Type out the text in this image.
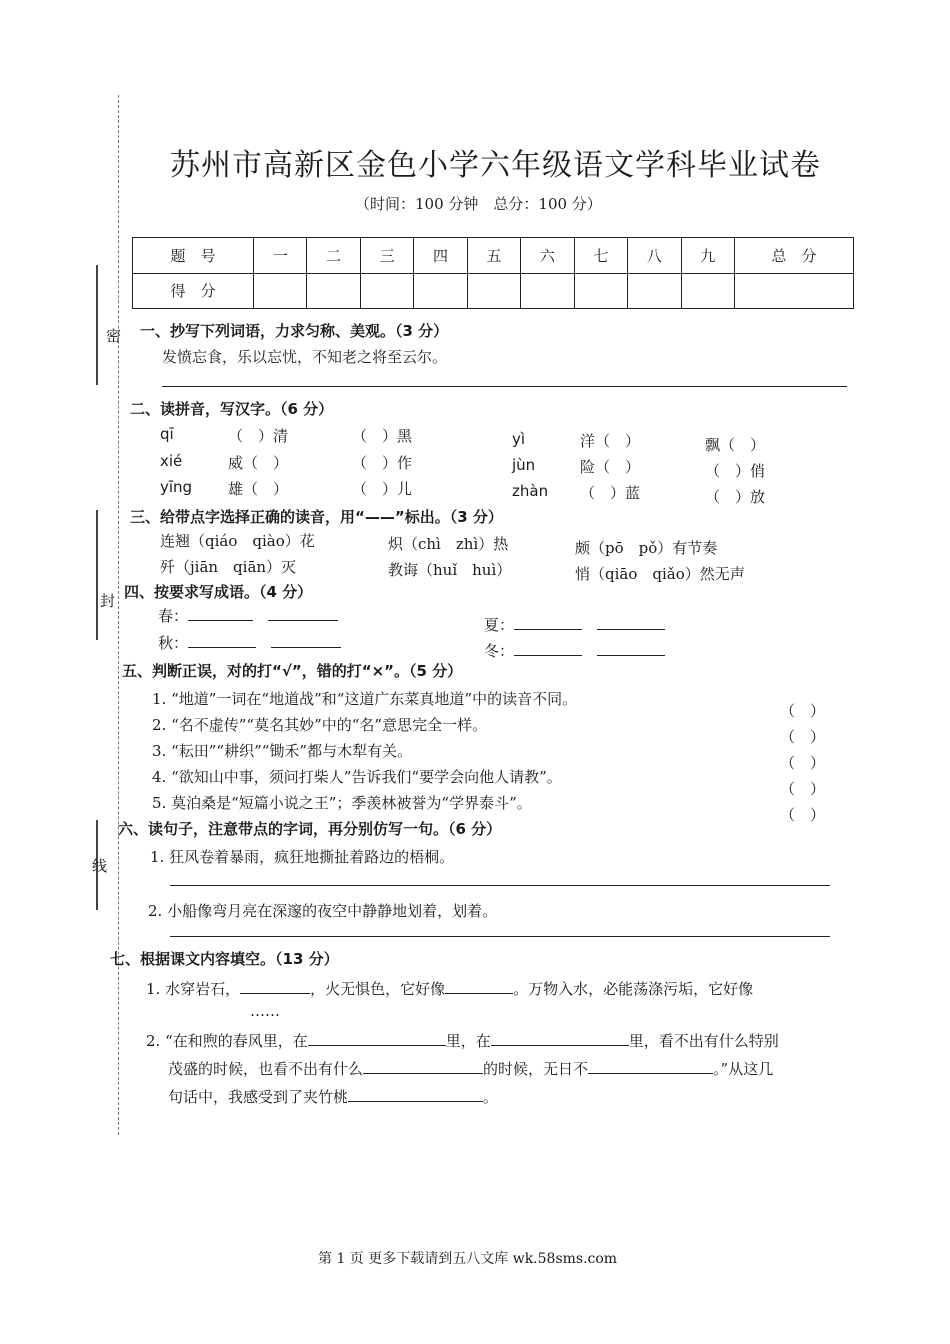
密
封
线
苏州市高新区金色小学六年级语文学科毕业试卷
（时间：100 分钟　总分：100 分）
题　号	一	二	三	四	五	六	七	八	九	总　分
得　分										
一、抄写下列词语，力求匀称、美观。（3 分）
发愤忘食，乐以忘忧，不知老之将至云尔。
二、读拼音，写汉字。（6 分）
qī	（　）清	（　）黑	yì	洋（　）	飘（　）
xié	威（　）	（　）作	jùn	险（　）	（　）俏
yīng 雄（　）	（　）儿	zhàn （　）蓝	（　）放
三、给带点字选择正确的读音，用“——”标出。（3 分）
连翘（qiáo　qiào）花	炽（chì　zhì）热	颇（pō　pǒ）有节奏
歼（jiān　qiān）灭	教诲（huǐ　huì）	悄（qiāo　qiǎo）然无声
四、按要求写成语。（4 分）
春：　	夏：　
秋：　	冬：　
五、判断正误，对的打“√”，错的打“×”。（5 分）
1. “地道”一词在“地道战”和“这道广东菜真地道”中的读音不同。
2. “名不虚传”“莫名其妙”中的“名”意思完全一样。
3. “耘田”“耕织”“锄禾”都与木犁有关。
4. “欲知山中事，须问打柴人”告诉我们“要学会向他人请教”。
5. 莫泊桑是“短篇小说之王”；季羡林被誉为“学界泰斗”。
（　）
（　）
（　）
（　）
（　）
六、读句子，注意带点的字词，再分别仿写一句。（6 分）
1. 狂风卷着暴雨，疯狂地撕扯着路边的梧桐。
2. 小船像弯月亮在深邃的夜空中静静地划着，划着。
七、根据课文内容填空。（13 分）
1. 水穿岩石，	，火无惧色，它好像	。万物入水，必能荡涤污垢，它好像
……
2. “在和煦的春风里，在	里，在	里，看不出有什么特别
茂盛的时候，也看不出有什么	的时候，无日不	。”从这几
句话中，我感受到了夹竹桃	。
第 1 页 更多下载请到五八文库 wk.58sms.com
